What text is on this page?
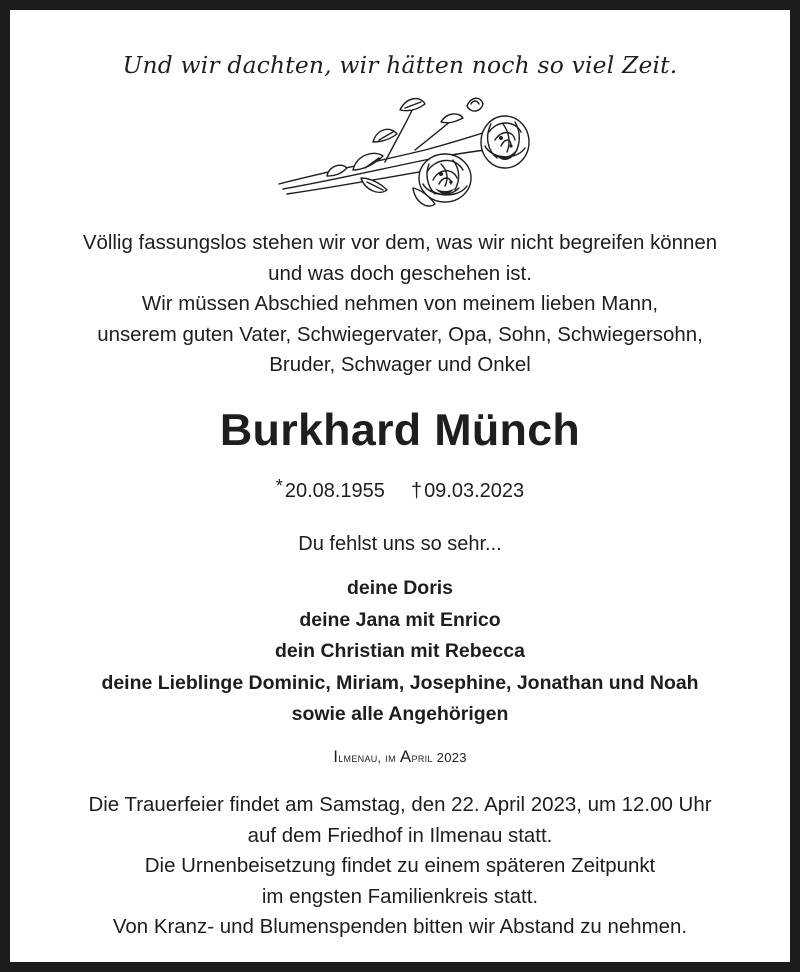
Und wir dachten, wir hätten noch so viel Zeit.
Völlig fassungslos stehen wir vor dem, was wir nicht begreifen können
und was doch geschehen ist.
Wir müssen Abschied nehmen von meinem lieben Mann,
unserem guten Vater, Schwiegervater, Opa, Sohn, Schwiegersohn,
Bruder, Schwager und Onkel
Burkhard Münch
* 20.08.1955 † 09.03.2023
Du fehlst uns so sehr...
deine Doris
deine Jana mit Enrico
dein Christian mit Rebecca
deine Lieblinge Dominic, Miriam, Josephine, Jonathan und Noah
sowie alle Angehörigen
Ilmenau, im April 2023
Die Trauerfeier findet am Samstag, den 22. April 2023, um 12.00 Uhr
auf dem Friedhof in Ilmenau statt.
Die Urnenbeisetzung findet zu einem späteren Zeitpunkt
im engsten Familienkreis statt.
Von Kranz- und Blumenspenden bitten wir Abstand zu nehmen.
